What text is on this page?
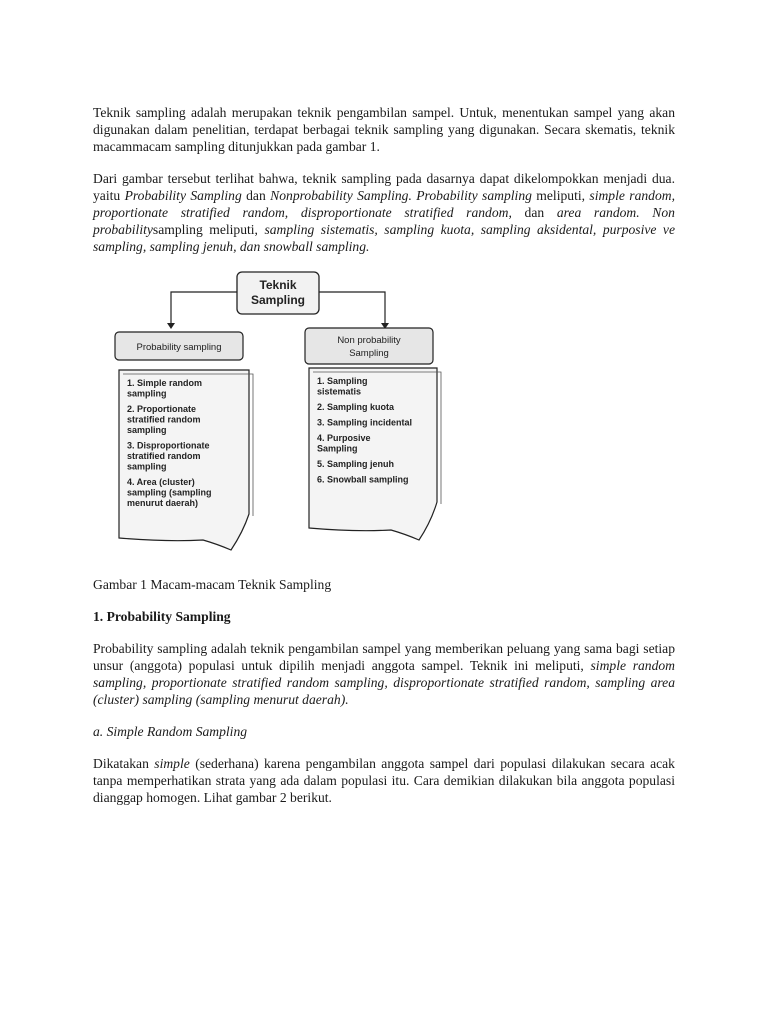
Teknik sampling adalah merupakan teknik pengambilan sampel. Untuk, menentukan sampel yang akan digunakan dalam penelitian, terdapat berbagai teknik sampling yang digunakan. Secara skematis, teknik macammacam sampling ditunjukkan pada gambar 1.

Dari gambar tersebut terlihat bahwa, teknik sampling pada dasarnya dapat dikelompokkan menjadi dua. yaitu Probability Sampling dan Nonprobability Sampling. Probability sampling meliputi, simple random, proportionate stratified random, disproportionate stratified random, dan area random. Non probabilitysampling meliputi, sampling sistematis, sampling kuota, sampling aksidental, purposive ve sampling, sampling jenuh, dan snowball sampling.

Teknik
Sampling
Probability sampling
Non probability
Sampling
1. Simple random
sampling
2. Proportionate
stratified random
sampling
3. Disproportionate
stratified random
sampling
4. Area (cluster)
sampling (sampling
menurut daerah)
1. Sampling
sistematis
2. Sampling kuota
3. Sampling incidental
4. Purposive
Sampling
5. Sampling jenuh
6. Snowball sampling

Gambar 1 Macam-macam Teknik Sampling

1. Probability Sampling

Probability sampling adalah teknik pengambilan sampel yang memberikan peluang yang sama bagi setiap unsur (anggota) populasi untuk dipilih menjadi anggota sampel. Teknik ini meliputi, simple random sampling, proportionate stratified random sampling, disproportionate stratified random, sampling area (cluster) sampling (sampling menurut daerah).

a. Simple Random Sampling

Dikatakan simple (sederhana) karena pengambilan anggota sampel dari populasi dilakukan secara acak tanpa memperhatikan strata yang ada dalam populasi itu. Cara demikian dilakukan bila anggota populasi dianggap homogen. Lihat gambar 2 berikut.
